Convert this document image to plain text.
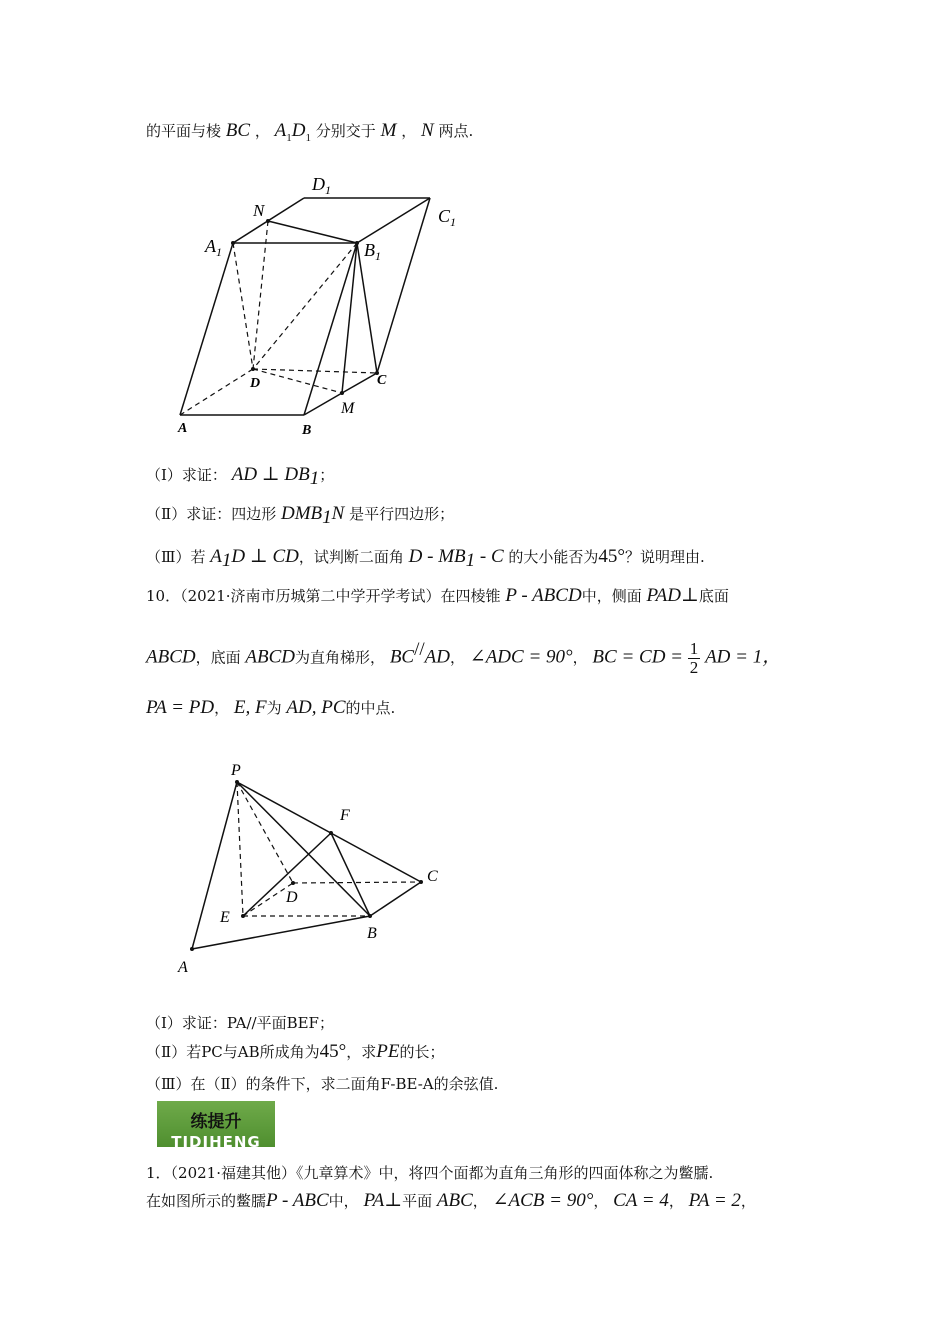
的平面与棱 BC ， $A_1D_1$ 分别交于 M ， N 两点.
$D_1$
$C_1$
N
$A_1$	$B_1$
D	C
M
A	B
（Ⅰ）求证： AD ⊥ $DB_1$；
（Ⅱ）求证：四边形 $DMB_1N$ 是平行四边形；
（Ⅲ）若 $A_1D$ ⊥ CD，试判断二面角 D - $MB_1$ - C 的大小能否为45°？说明理由.
10．（2021·济南市历城第二中学开学考试）在四棱锥 P - ABCD中，侧面 PAD⊥底面
ABCD，底面 ABCD为直角梯形， BC//AD， ∠ADC = 90°， BC = CD = $\frac{1}{2}$ AD = 1，
PA = PD， E, F为 AD, PC的中点.
P
F
C
D
E
B
A
（Ⅰ）求证：PA//平面BEF；
（Ⅱ）若PC与AB所成角为45°，求PE的长；
（Ⅲ）在（Ⅱ）的条件下，求二面角F-BE-A的余弦值.
练提升
TIDIHENG
1．（2021·福建其他）《九章算术》中，将四个面都为直角三角形的四面体称之为鳖臑.
在如图所示的鳖臑P - ABC中， PA⊥平面 ABC， ∠ACB = 90°， CA = 4， PA = 2，
